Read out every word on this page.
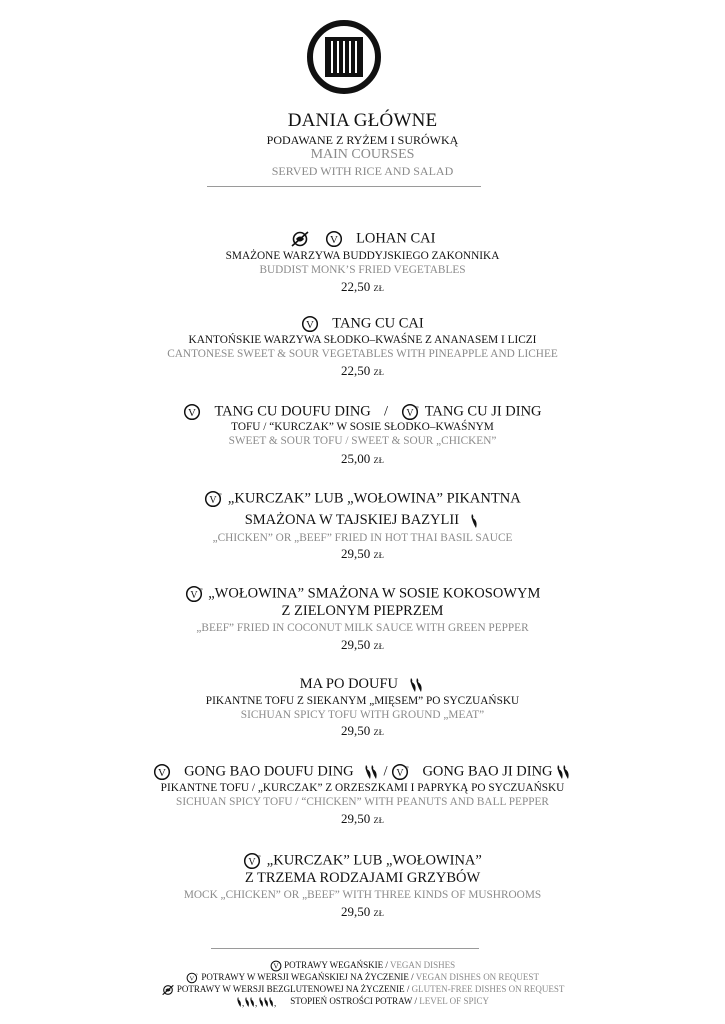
DANIA GŁÓWNE
PODAWANE Z RYŻEM I SURÓWKĄ
MAIN COURSES
SERVED WITH RICE AND SALAD

V LOHAN CAI
SMAŻONE WARZYWA BUDDYJSKIEGO ZAKONNIKA
BUDDIST MONK’S FRIED VEGETABLES
22,50 ZŁ
V TANG CU CAI
KANTOŃSKIE WARZYWA SŁODKO–KWAŚNE Z ANANASEM I LICZI
CANTONESE SWEET & SOUR VEGETABLES WITH PINEAPPLE AND LICHEE
22,50 ZŁ
V TANG CU DOUFU DING / V ? TANG CU JI DING
TOFU / “KURCZAK” W SOSIE SŁODKO–KWAŚNYM
SWEET & SOUR TOFU / SWEET & SOUR „CHICKEN”
25,00 ZŁ
V ? „KURCZAK” LUB „WOŁOWINA” PIKANTNA
SMAŻONA W TAJSKIEJ BAZYLII
„CHICKEN” OR „BEEF” FRIED IN HOT THAI BASIL SAUCE
29,50 ZŁ
V ? „WOŁOWINA” SMAŻONA W SOSIE KOKOSOWYM
Z ZIELONYM PIEPRZEM
„BEEF” FRIED IN COCONUT MILK SAUCE WITH GREEN PEPPER
29,50 ZŁ
MA PO DOUFU
PIKANTNE TOFU Z SIEKANYM „MIĘSEM” PO SYCZUAŃSKU
SICHUAN SPICY TOFU WITH GROUND „MEAT”
29,50 ZŁ
V GONG BAO DOUFU DING / V ? GONG BAO JI DING
PIKANTNE TOFU / „KURCZAK” Z ORZESZKAMI I PAPRYKĄ PO SYCZUAŃSKU
SICHUAN SPICY TOFU / “CHICKEN” WITH PEANUTS AND BALL PEPPER
29,50 ZŁ
V ? „KURCZAK” LUB „WOŁOWINA”
Z TRZEMA RODZAJAMI GRZYBÓW
MOCK „CHICKEN” OR „BEEF” WITH THREE KINDS OF MUSHROOMS
29,50 ZŁ
V POTRAWY WEGAŃSKIE / VEGAN DISHES
V ? POTRAWY W WERSJI WEGAŃSKIEJ NA ŻYCZENIE / VEGAN DISHES ON REQUEST
POTRAWY W WERSJI BEZGLUTENOWEJ NA ŻYCZENIE / GLUTEN-FREE DISHES ON REQUEST
, , , STOPIEŃ OSTROŚCI POTRAW / LEVEL OF SPICY
